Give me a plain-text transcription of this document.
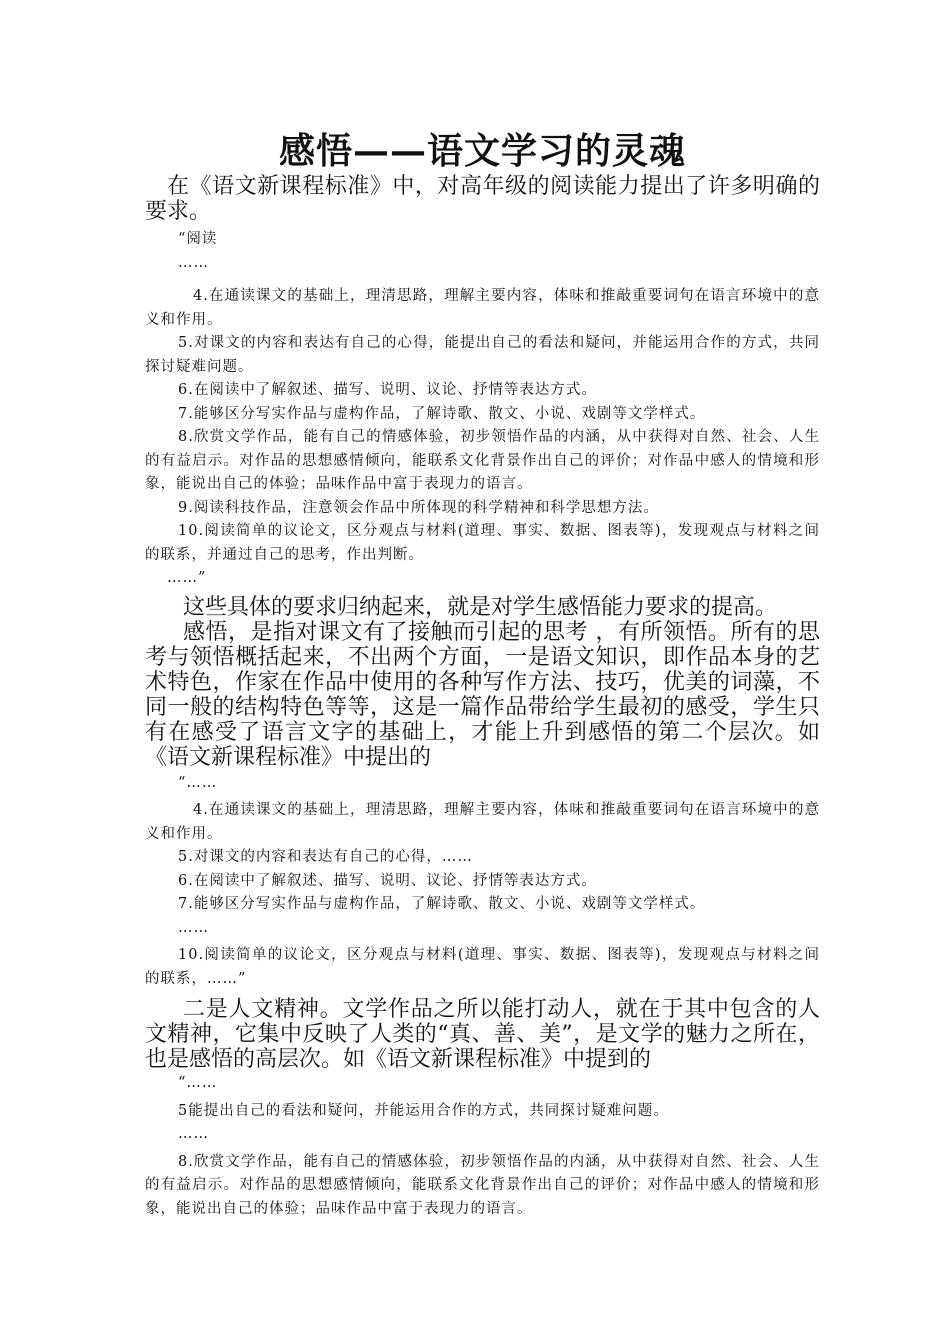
感悟——语文学习的灵魂

在《语文新课程标准》中，对高年级的阅读能力提出了许多明确的要求。

“阅读

……

4.在通读课文的基础上，理清思路，理解主要内容，体味和推敲重要词句在语言环境中的意义和作用。

5.对课文的内容和表达有自己的心得，能提出自己的看法和疑问，并能运用合作的方式，共同探讨疑难问题。

6.在阅读中了解叙述、描写、说明、议论、抒情等表达方式。

7.能够区分写实作品与虚构作品，了解诗歌、散文、小说、戏剧等文学样式。

8.欣赏文学作品，能有自己的情感体验，初步领悟作品的内涵，从中获得对自然、社会、人生的有益启示。对作品的思想感情倾向，能联系文化背景作出自己的评价；对作品中感人的情境和形象，能说出自己的体验；品味作品中富于表现力的语言。

9.阅读科技作品，注意领会作品中所体现的科学精神和科学思想方法。

10.阅读简单的议论文，区分观点与材料(道理、事实、数据、图表等)，发现观点与材料之间的联系，并通过自己的思考，作出判断。

……”

这些具体的要求归纳起来，就是对学生感悟能力要求的提高。

感悟，是指对课文有了接触而引起的思考 ，有所领悟。所有的思考与领悟概括起来，不出两个方面，一是语文知识，即作品本身的艺术特色，作家在作品中使用的各种写作方法、技巧，优美的词藻，不同一般的结构特色等等，这是一篇作品带给学生最初的感受，学生只有在感受了语言文字的基础上，才能上升到感悟的第二个层次。如《语文新课程标准》中提出的

“……

4.在通读课文的基础上，理清思路，理解主要内容，体味和推敲重要词句在语言环境中的意义和作用。

5.对课文的内容和表达有自己的心得，……

6.在阅读中了解叙述、描写、说明、议论、抒情等表达方式。

7.能够区分写实作品与虚构作品，了解诗歌、散文、小说、戏剧等文学样式。

……

10.阅读简单的议论文，区分观点与材料(道理、事实、数据、图表等)，发现观点与材料之间的联系，……”

二是人文精神。文学作品之所以能打动人，就在于其中包含的人文精神，它集中反映了人类的“真、善、美”，是文学的魅力之所在，也是感悟的高层次。如《语文新课程标准》中提到的

“……

5能提出自己的看法和疑问，并能运用合作的方式，共同探讨疑难问题。

……

8.欣赏文学作品，能有自己的情感体验，初步领悟作品的内涵，从中获得对自然、社会、人生的有益启示。对作品的思想感情倾向，能联系文化背景作出自己的评价；对作品中感人的情境和形象，能说出自己的体验；品味作品中富于表现力的语言。
